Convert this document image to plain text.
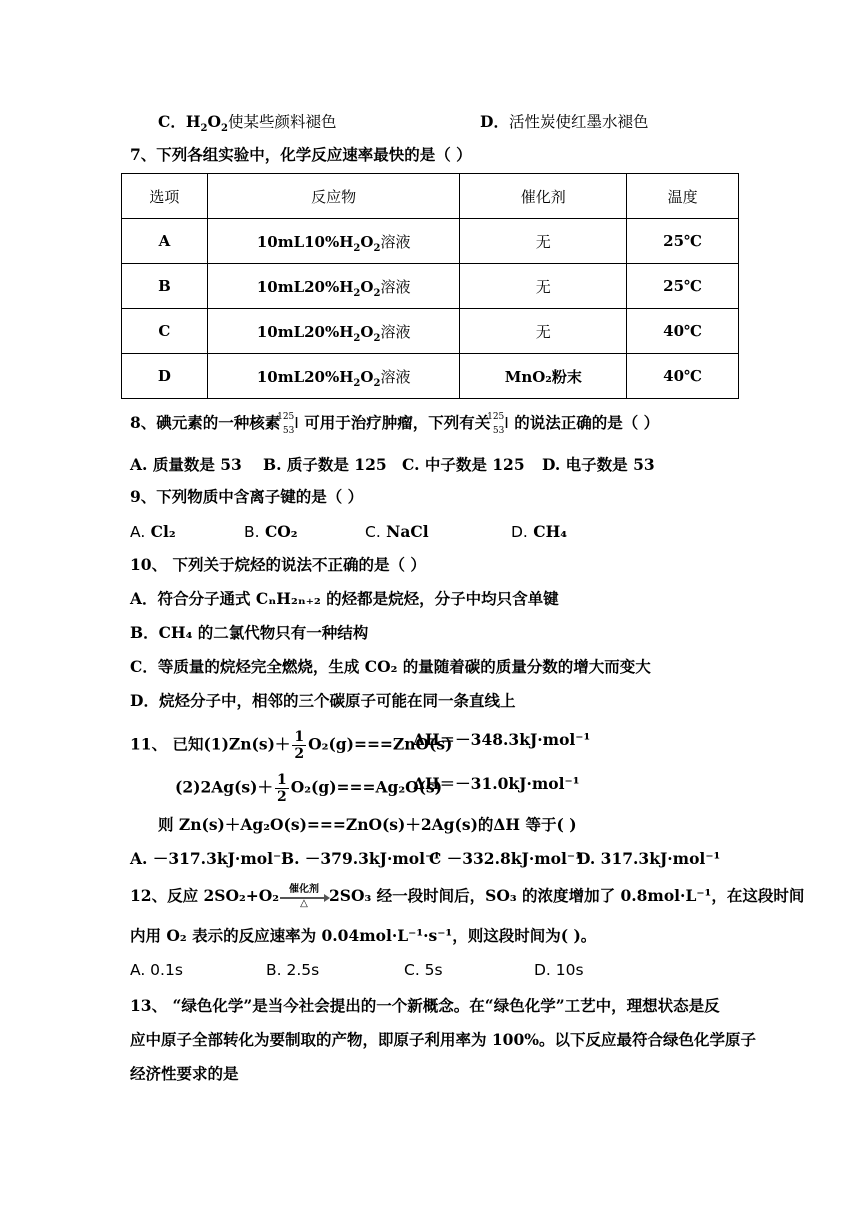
C．$H_2O_2$使某些颜料褪色	D．活性炭使红墨水褪色
7、下列各组实验中，化学反应速率最快的是（ ）
选项	反应物	催化剂	温度
A	$10mL10\%H_2O_2$溶液	无	25℃
B	$10mL20\%H_2O_2$溶液	无	25℃
C	$10mL20\%H_2O_2$溶液	无	40℃
D	$10mL20\%H_2O_2$溶液	MnO₂粉末	40℃
8、碘元素的一种核素
125
53 I 可用于治疗肿瘤，下列有关
125
53 I 的说法正确的是（ ）
A. 质量数是 53 B. 质子数是 125 C. 中子数是 125 D. 电子数是 53
9、下列物质中含离子键的是（ ）
A. Cl₂	B. CO₂	C. NaCl	D. CH₄
10、 下列关于烷烃的说法不正确的是（ ）
A．符合分子通式 CₙH₂ₙ₊₂ 的烃都是烷烃，分子中均只含单键
B．CH₄ 的二氯代物只有一种结构
C．等质量的烷烃完全燃烧，生成 CO₂ 的量随着碳的质量分数的增大而变大
D．烷烃分子中，相邻的三个碳原子可能在同一条直线上
11、 已知$(1)Zn(s)+ \frac{1}{2} O_2(g)===ZnO(s)$
ΔH＝－348.3kJ·mol⁻¹
$(2)2Ag(s)+ \frac{1}{2} O_2(g)===Ag_2O(s)$
ΔH＝－31.0kJ·mol⁻¹
则 Zn(s)＋Ag₂O(s)===ZnO(s)＋2Ag(s)的ΔH 等于( )
A. －317.3kJ·mol⁻¹
B. －379.3kJ·mol⁻¹
C －332.8kJ·mol⁻¹
D. 317.3kJ·mol⁻¹
12、反应 2SO₂+O₂	催化剂
△	2SO₃ 经一段时间后，SO₃ 的浓度增加了 0.8mol·L⁻¹，在这段时间
内用 O₂ 表示的反应速率为 0.04mol·L⁻¹·s⁻¹，则这段时间为( )。
A. 0.1s	B. 2.5s	C. 5s	D. 10s
13、 “绿色化学”是当今社会提出的一个新概念。在“绿色化学”工艺中，理想状态是反
应中原子全部转化为要制取的产物，即原子利用率为 100%。以下反应最符合绿色化学原子
经济性要求的是
